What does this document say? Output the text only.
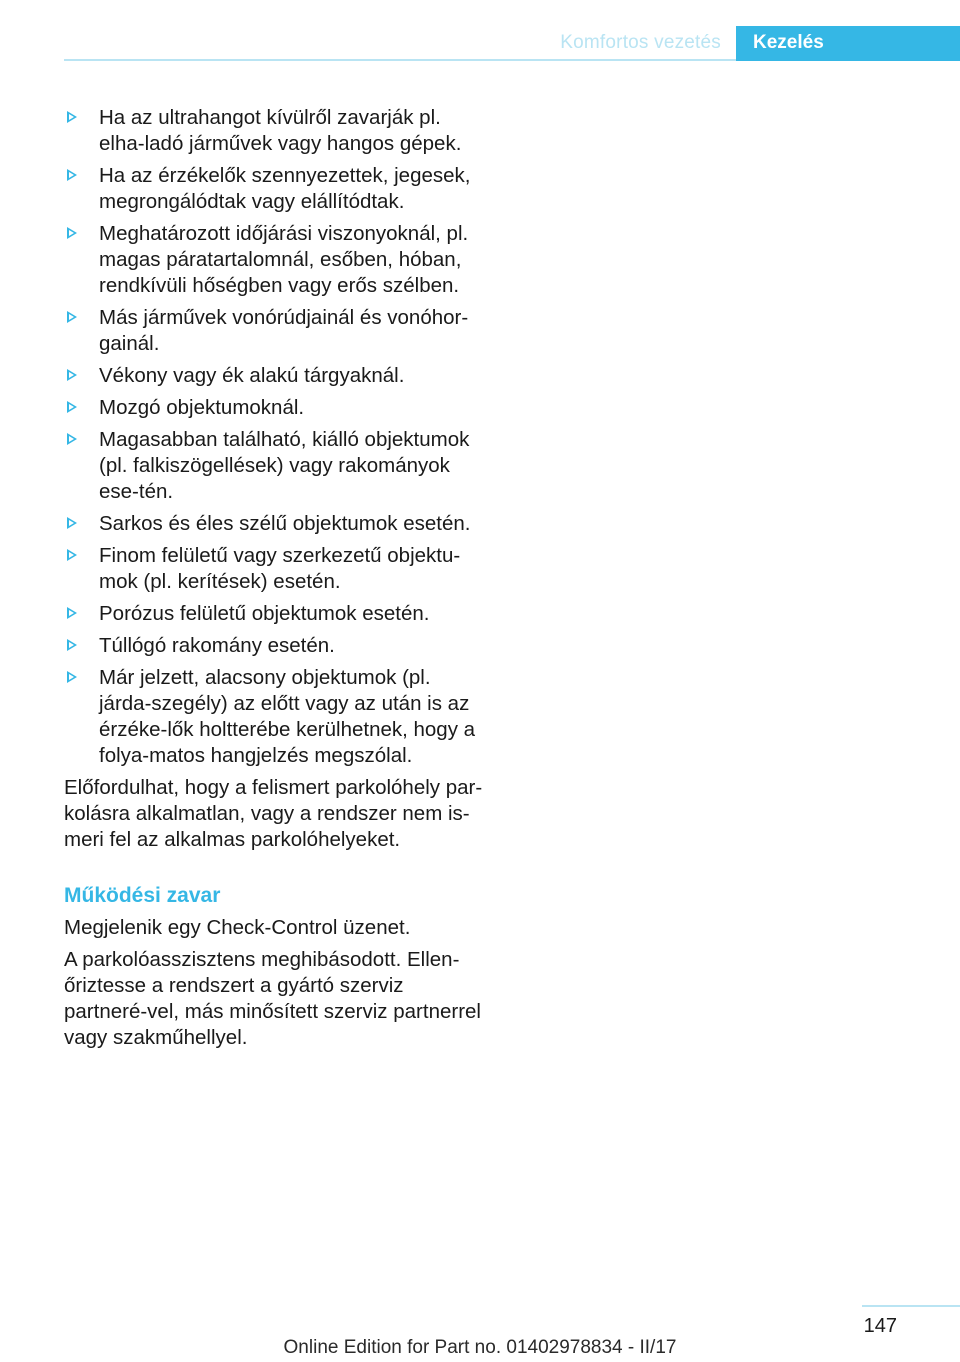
Komfortos vezetés	Kezelés
Ha az ultrahangot kívülről zavarják pl. elha-ladó járművek vagy hangos gépek.
Ha az érzékelők szennyezettek, jegesek, megrongálódtak vagy elállítódtak.
Meghatározott időjárási viszonyoknál, pl. magas páratartalomnál, esőben, hóban, rendkívüli hőségben vagy erős szélben.
Más járművek vonórúdjainál és vonóhor-gainál.
Vékony vagy ék alakú tárgyaknál.
Mozgó objektumoknál.
Magasabban található, kiálló objektumok (pl. falkiszögellések) vagy rakományok ese-tén.
Sarkos és éles szélű objektumok esetén.
Finom felületű vagy szerkezetű objektu-mok (pl. kerítések) esetén.
Porózus felületű objektumok esetén.
Túllógó rakomány esetén.
Már jelzett, alacsony objektumok (pl. járda-szegély) az előtt vagy az után is az érzéke-lők holtterébe kerülhetnek, hogy a folya-matos hangjelzés megszólal.

Előfordulhat, hogy a felismert parkolóhely par-kolásra alkalmatlan, vagy a rendszer nem is-meri fel az alkalmas parkolóhelyeket.

Működési zavar

Megjelenik egy Check-Control üzenet.

A parkolóasszisztens meghibásodott. Ellen-őriztesse a rendszert a gyártó szerviz partneré-vel, más minősített szerviz partnerrel vagy szakműhellyel.

147
Online Edition for Part no. 01402978834 - II/17
